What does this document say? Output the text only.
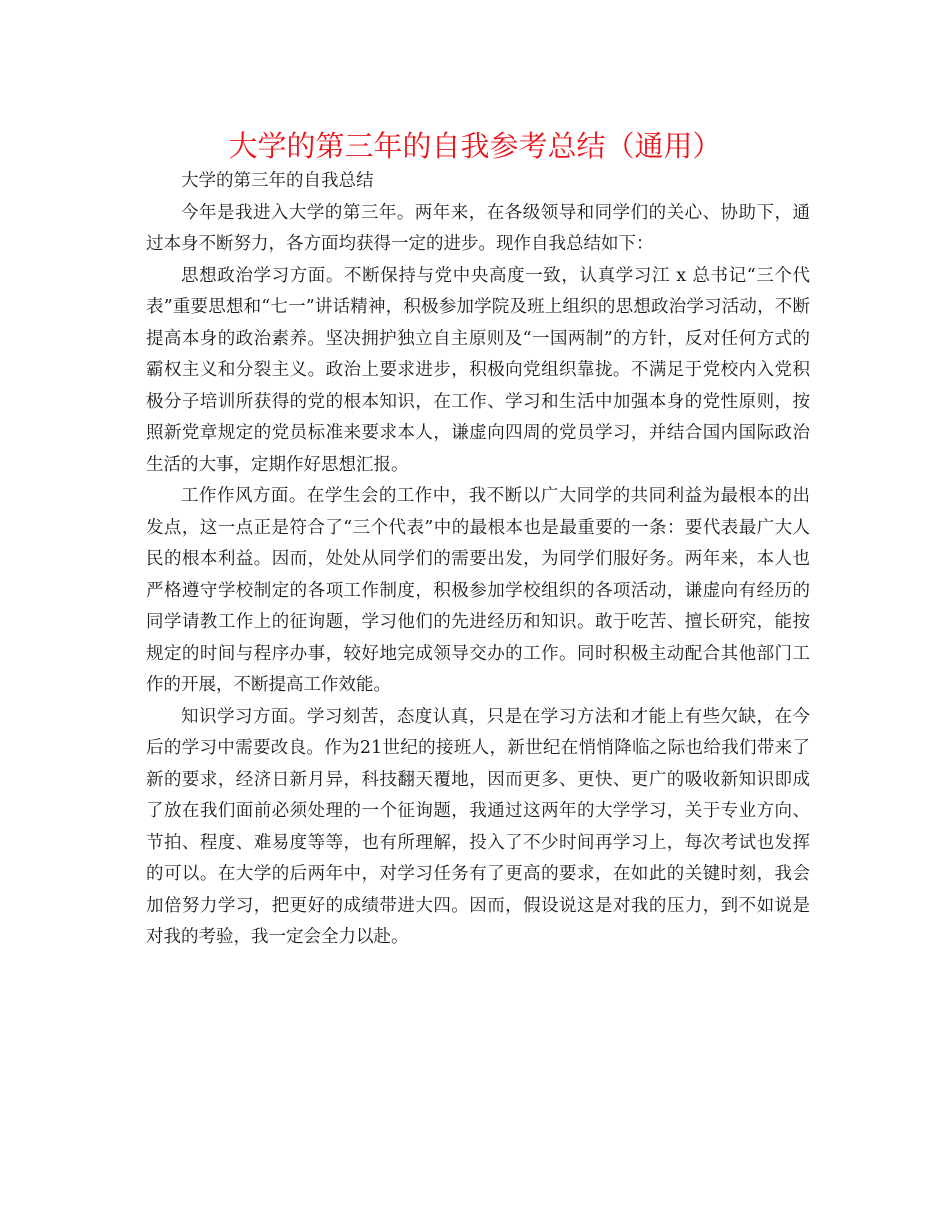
大学的第三年的自我参考总结（通用）

大学的第三年的自我总结

今年是我进入大学的第三年。两年来，在各级领导和同学们的关心、协助下，通过本身不断努力，各方面均获得一定的进步。现作自我总结如下：

思想政治学习方面。不断保持与党中央高度一致，认真学习江 x 总书记“三个代表”重要思想和“七一”讲话精神，积极参加学院及班上组织的思想政治学习活动，不断提高本身的政治素养。坚决拥护独立自主原则及“一国两制”的方针，反对任何方式的霸权主义和分裂主义。政治上要求进步，积极向党组织靠拢。不满足于党校内入党积极分子培训所获得的党的根本知识，在工作、学习和生活中加强本身的党性原则，按照新党章规定的党员标准来要求本人，谦虚向四周的党员学习，并结合国内国际政治生活的大事，定期作好思想汇报。

工作作风方面。在学生会的工作中，我不断以广大同学的共同利益为最根本的出发点，这一点正是符合了“三个代表”中的最根本也是最重要的一条：要代表最广大人民的根本利益。因而，处处从同学们的需要出发，为同学们服好务。两年来，本人也严格遵守学校制定的各项工作制度，积极参加学校组织的各项活动，谦虚向有经历的同学请教工作上的征询题，学习他们的先进经历和知识。敢于吃苦、擅长研究，能按规定的时间与程序办事，较好地完成领导交办的工作。同时积极主动配合其他部门工作的开展，不断提高工作效能。

知识学习方面。学习刻苦，态度认真，只是在学习方法和才能上有些欠缺，在今后的学习中需要改良。作为21世纪的接班人，新世纪在悄悄降临之际也给我们带来了新的要求，经济日新月异，科技翻天覆地，因而更多、更快、更广的吸收新知识即成了放在我们面前必须处理的一个征询题，我通过这两年的大学学习，关于专业方向、节拍、程度、难易度等等，也有所理解，投入了不少时间再学习上，每次考试也发挥的可以。在大学的后两年中，对学习任务有了更高的要求，在如此的关键时刻，我会加倍努力学习，把更好的成绩带进大四。因而，假设说这是对我的压力，到不如说是对我的考验，我一定会全力以赴。
